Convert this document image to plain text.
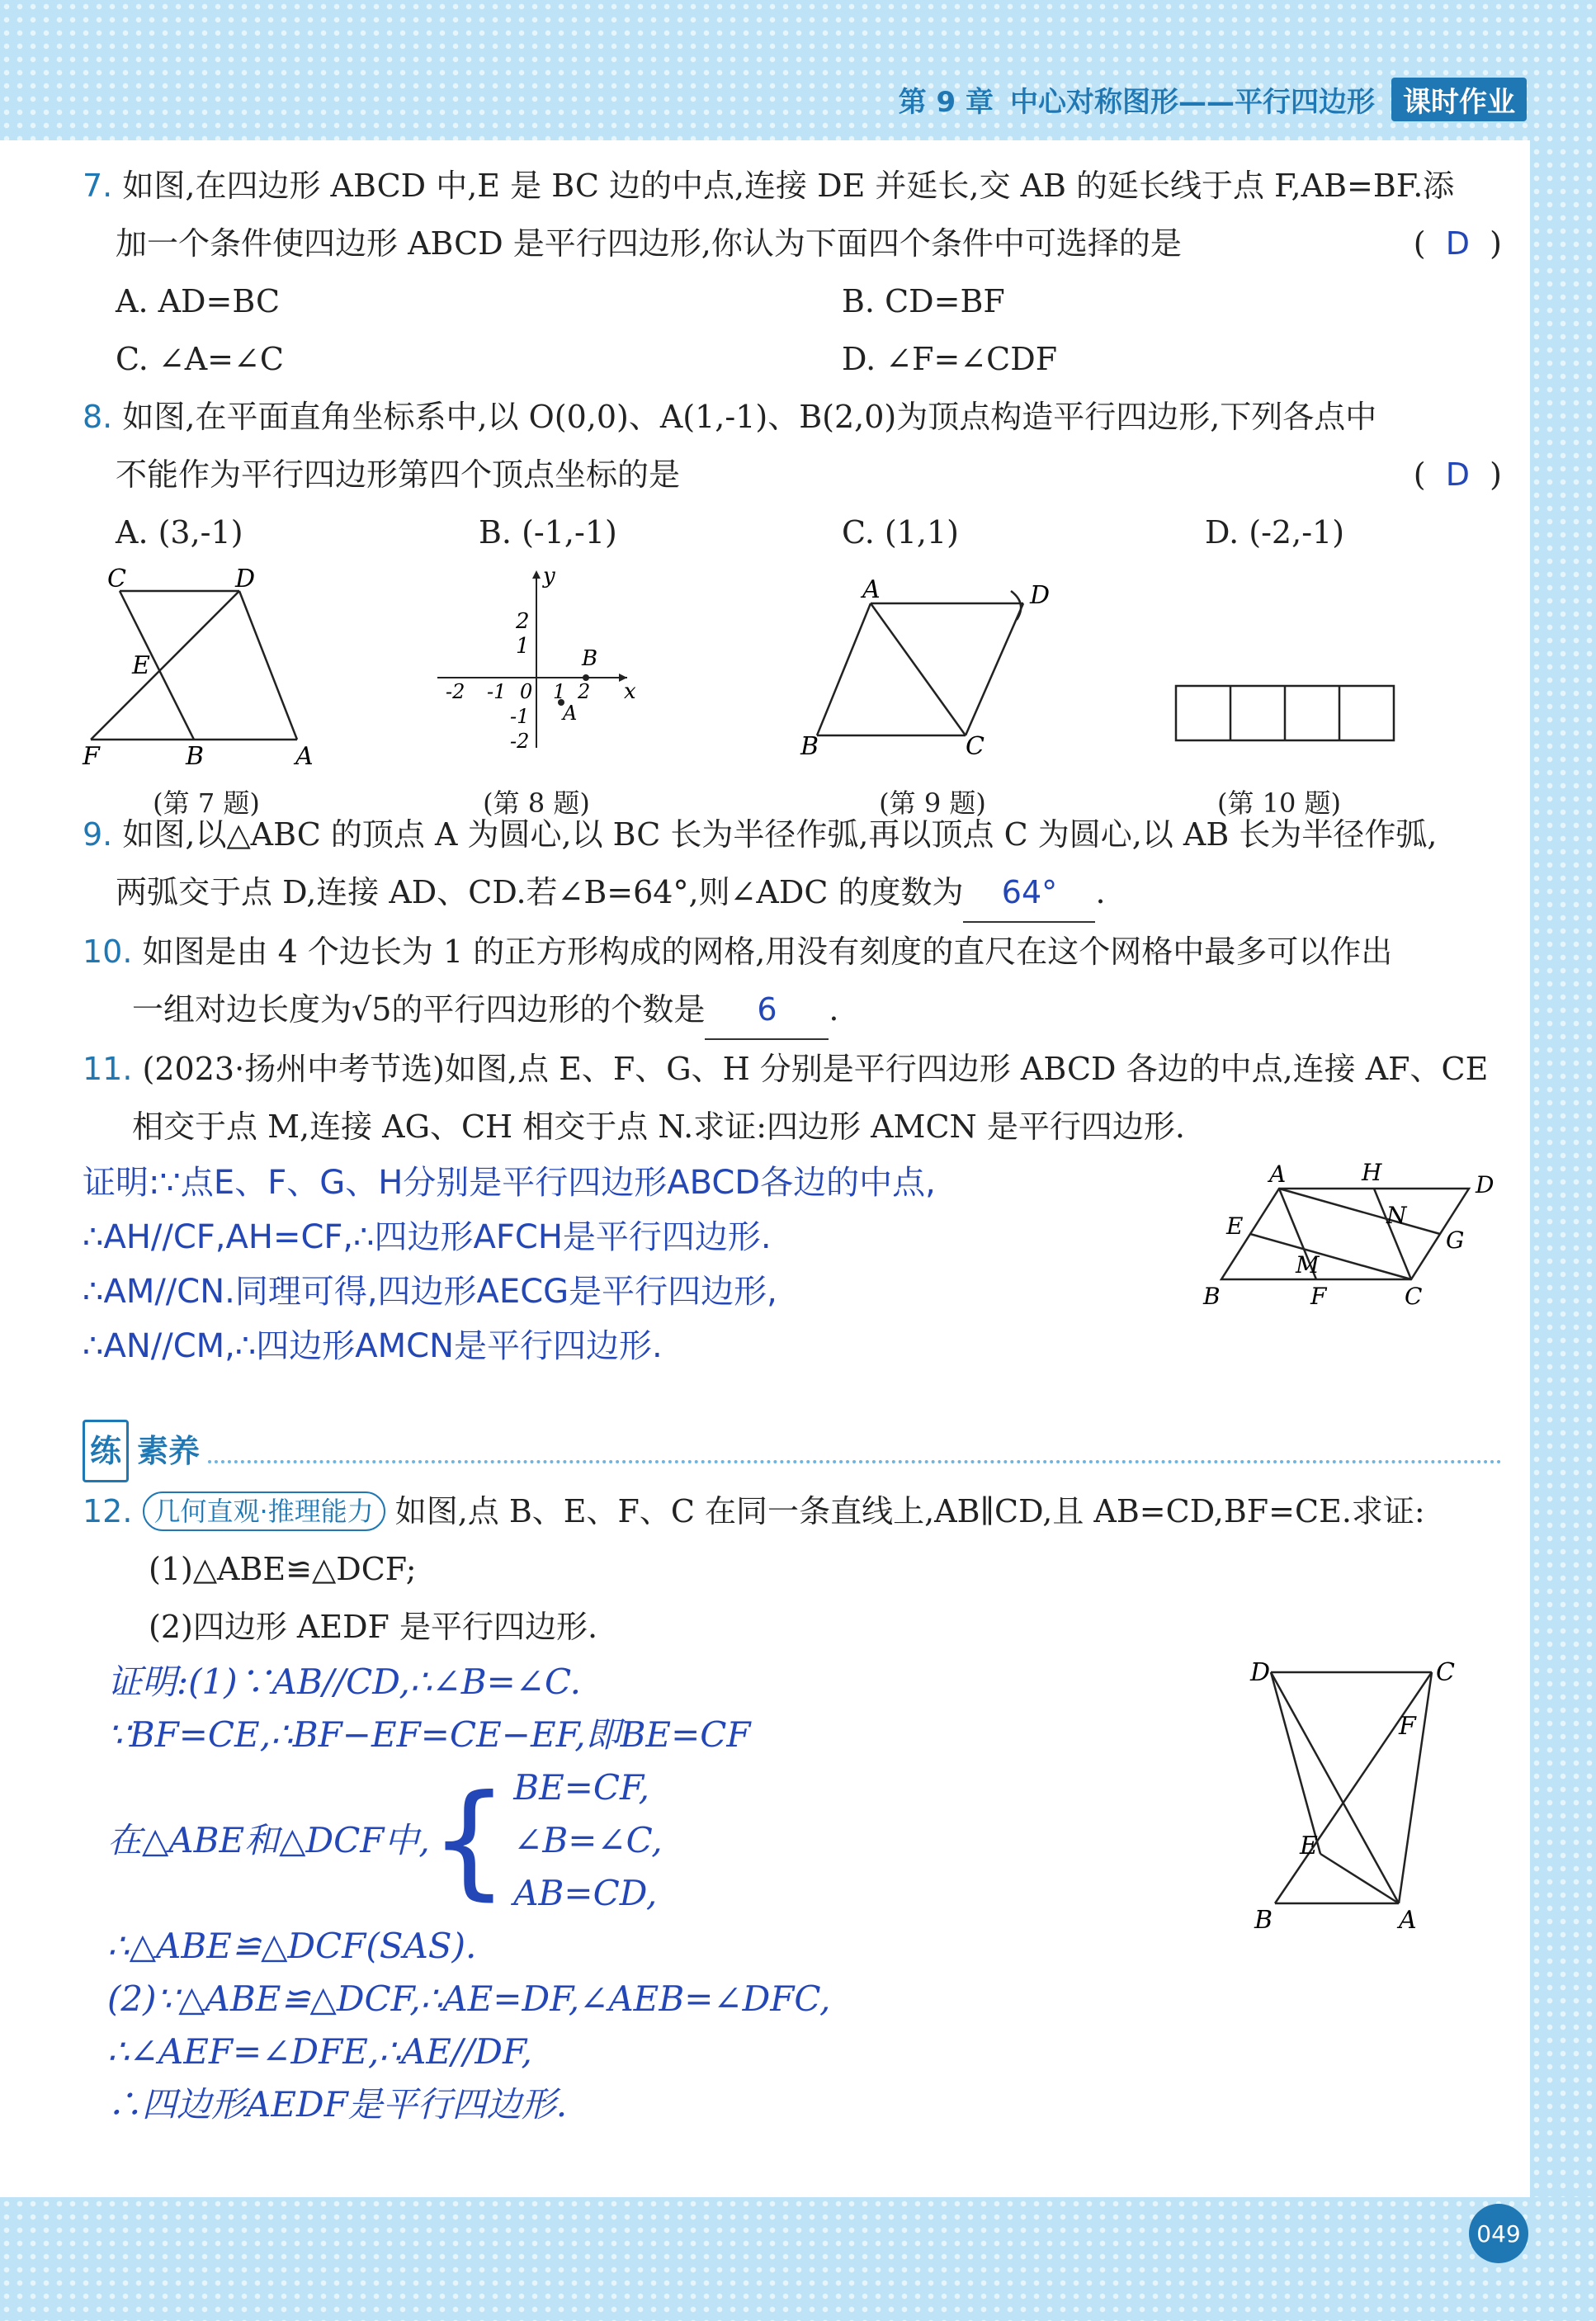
第 9 章 中心对称图形——平行四边形	课时作业
7.
如图,在四边形 ABCD 中,E 是 BC 边的中点,连接 DE 并延长,交 AB 的延长线于点 F,AB=BF.添
加一个条件使四边形 ABCD 是平行四边形,你认为下面四个条件中可选择的是	(  D  )
A. AD=BC	B. CD=BF
C. ∠A=∠C	D. ∠F=∠CDF
8.
如图,在平面直角坐标系中,以 O(0,0)、A(1,-1)、B(2,0)为顶点构造平行四边形,下列各点中
不能作为平行四边形第四个顶点坐标的是	(  D  )
A. (3,-1)	B. (-1,-1)	C. (1,1)	D. (-2,-1)
C	D
E
F	B	A
(第 7 题)
y
2
1 B
x
-2 -1 0 1 2
-1
-2
A
(第 8 题)
A	D
B	C
(第 9 题)	(第 10 题)
9.
如图,以△ABC 的顶点 A 为圆心,以 BC 长为半径作弧,再以顶点 C 为圆心,以 AB 长为半径作弧,
两弧交于点 D,连接 AD、CD.若∠B=64°,则∠ADC 的度数为	64°	.
10.
如图是由 4 个边长为 1 的正方形构成的网格,用没有刻度的直尺在这个网格中最多可以作出
一组对边长度为√5的平行四边形的个数是	6	.
11.
(2023·扬州中考节选)如图,点 E、F、G、H 分别是平行四边形 ABCD 各边的中点,连接 AF、CE
相交于点 M,连接 AG、CH 相交于点 N.求证:四边形 AMCN 是平行四边形.
证明:∵点E、F、G、H分别是平行四边形ABCD各边的中点,
∴AH//CF,AH=CF,∴四边形AFCH是平行四边形.
∴AM//CN.同理可得,四边形AECG是平行四边形,
∴AN//CM,∴四边形AMCN是平行四边形.
A	H	D
E	N
G
M
B	F	C
练 素养
12.
几何直观·推理能力 如图,点 B、E、F、C 在同一条直线上,AB∥CD,且 AB=CD,BF=CE.求证:
(1)△ABE≌△DCF;
(2)四边形 AEDF 是平行四边形.
证明:(1)∵AB//CD,∴∠B=∠C.
∵BF=CE,∴BF−EF=CE−EF,即BE=CF
在△ABE和△DCF中, { BE=CF,
∠B=∠C,
AB=CD,
∴△ABE≌△DCF(SAS).
(2)∵△ABE≌△DCF,∴AE=DF,∠AEB=∠DFC,
∴∠AEF=∠DFE,∴AE//DF,
∴四边形AEDF是平行四边形.
D	C
F
E
B	A
049
